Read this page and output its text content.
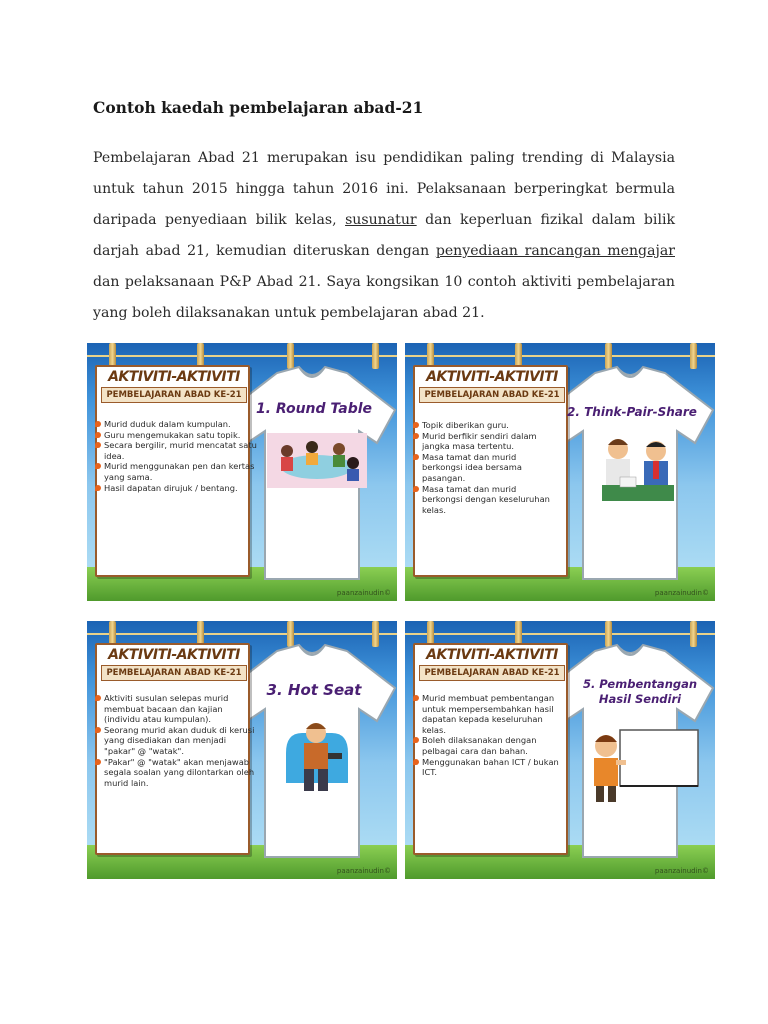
Contoh kaedah pembelajaran abad-21

Pembelajaran Abad 21 merupakan isu pendidikan paling trending di Malaysia untuk tahun 2015 hingga tahun 2016 ini. Pelaksanaan berperingkat bermula daripada penyediaan bilik kelas, susunatur dan keperluan fizikal dalam bilik darjah abad 21, kemudian diteruskan dengan penyediaan rancangan mengajar dan pelaksanaan P&P Abad 21. Saya kongsikan 10 contoh aktiviti pembelajaran yang boleh dilaksanakan untuk pembelajaran abad 21.

AKTIVITI-AKTIVITI
PEMBELAJARAN ABAD KE-21
Murid duduk dalam kumpulan.
Guru mengemukakan satu topik.
Secara bergilir, murid mencatat satu idea.
Murid menggunakan pen dan kertas yang sama.
Hasil dapatan dirujuk / bentang.
1. Round Table
paanzainudin©
AKTIVITI-AKTIVITI
PEMBELAJARAN ABAD KE-21
Topik diberikan guru.
Murid berfikir sendiri dalam jangka masa tertentu.
Masa tamat dan murid berkongsi idea bersama pasangan.
Masa tamat dan murid berkongsi dengan keseluruhan kelas.
2. Think-Pair-Share
paanzainudin©
AKTIVITI-AKTIVITI
PEMBELAJARAN ABAD KE-21
Aktiviti susulan selepas murid membuat bacaan dan kajian (individu atau kumpulan).
Seorang murid akan duduk di kerusi yang disediakan dan menjadi "pakar" @ "watak".
"Pakar" @ "watak" akan menjawab segala soalan yang dilontarkan oleh murid lain.
3. Hot Seat
paanzainudin©
AKTIVITI-AKTIVITI
PEMBELAJARAN ABAD KE-21
Murid membuat pembentangan untuk mempersembahkan hasil dapatan kepada keseluruhan kelas.
Boleh dilaksanakan dengan pelbagai cara dan bahan.
Menggunakan bahan ICT / bukan ICT.
5. Pembentangan Hasil Sendiri
paanzainudin©
